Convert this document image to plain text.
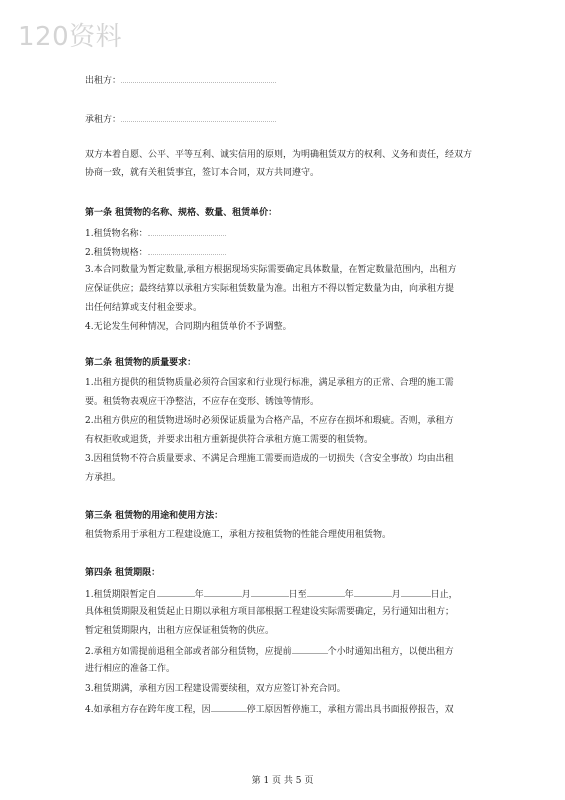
120资料
出租方：
承租方：
双方本着自愿、公平、平等互利、诚实信用的原则，为明确租赁双方的权利、义务和责任，经双方
协商一致，就有关租赁事宜，签订本合同，双方共同遵守。
第一条 租赁物的名称、规格、数量、租赁单价：
1.租赁物名称：
2.租赁物规格：
3.本合同数量为暂定数量,承租方根据现场实际需要确定具体数量，在暂定数量范围内，出租方
应保证供应；最终结算以承租方实际租赁数量为准。出租方不得以暂定数量为由，向承租方提
出任何结算或支付租金要求。
4.无论发生何种情况，合同期内租赁单价不予调整。
第二条 租赁物的质量要求：
1.出租方提供的租赁物质量必须符合国家和行业现行标准，满足承租方的正常、合理的施工需
要。租赁物表观应干净整洁，不应存在变形、锈蚀等情形。
2.出租方供应的租赁物进场时必须保证质量为合格产品，不应存在损坏和瑕疵。否则，承租方
有权拒收或退货，并要求出租方重新提供符合承租方施工需要的租赁物。
3.因租赁物不符合质量要求、不满足合理施工需要而造成的一切损失（含安全事故）均由出租
方承担。
第三条 租赁物的用途和使用方法：
租赁物系用于承租方工程建设施工，承租方按租赁物的性能合理使用租赁物。
第四条 租赁期限：
1.租赁期限暂定自	年	月	日至	年	月	日止，
具体租赁期限及租赁起止日期以承租方项目部根据工程建设实际需要确定，另行通知出租方；
暂定租赁期限内，出租方应保证租赁物的供应。
2.承租方如需提前退租全部或者部分租赁物，应提前	个小时通知出租方，以便出租方
进行相应的准备工作。
3.租赁期满，承租方因工程建设需要续租，双方应签订补充合同。
4.如承租方存在跨年度工程，因	停工原因暂停施工，承租方需出具书面报停报告，双
第 1 页 共 5 页
